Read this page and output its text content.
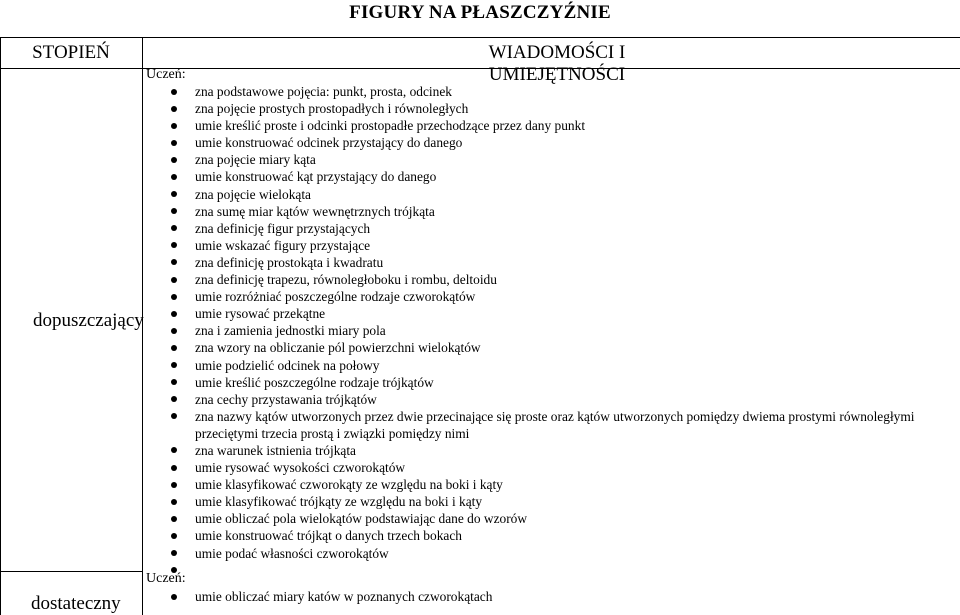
FIGURY NA PŁASZCZYŹNIE
STOPIEŃ	WIADOMOŚCI I UMIEJĘTNOŚCI
dopuszczający
Uczeń:
zna podstawowe pojęcia: punkt, prosta, odcinek
zna pojęcie prostych prostopadłych i równoległych
umie kreślić proste i odcinki prostopadłe przechodzące przez dany punkt
umie konstruować odcinek przystający do danego
zna pojęcie miary kąta
umie konstruować kąt przystający do danego
zna pojęcie wielokąta
zna sumę miar kątów wewnętrznych trójkąta
zna definicję figur przystających
umie wskazać figury przystające
zna definicję prostokąta i kwadratu
zna definicję trapezu, równoległoboku i rombu, deltoidu
umie rozróżniać poszczególne rodzaje czworokątów
umie rysować przekątne
zna i zamienia jednostki miary pola
zna wzory na obliczanie pól powierzchni wielokątów
umie podzielić odcinek na połowy
umie kreślić poszczególne rodzaje trójkątów
zna cechy przystawania trójkątów
zna nazwy kątów utworzonych przez dwie przecinające się proste oraz kątów utworzonych pomiędzy dwiema prostymi równoległymi przeciętymi trzecia prostą i związki pomiędzy nimi
zna warunek istnienia trójkąta
umie rysować wysokości czworokątów
umie klasyfikować czworokąty ze względu na boki i kąty
umie klasyfikować trójkąty ze względu na boki i kąty
umie obliczać pola wielokątów podstawiając dane do wzorów
umie konstruować trójkąt o danych trzech bokach
umie podać własności czworokątów
Uczeń:
dostateczny	umie obliczać miary katów w poznanych czworokątach
